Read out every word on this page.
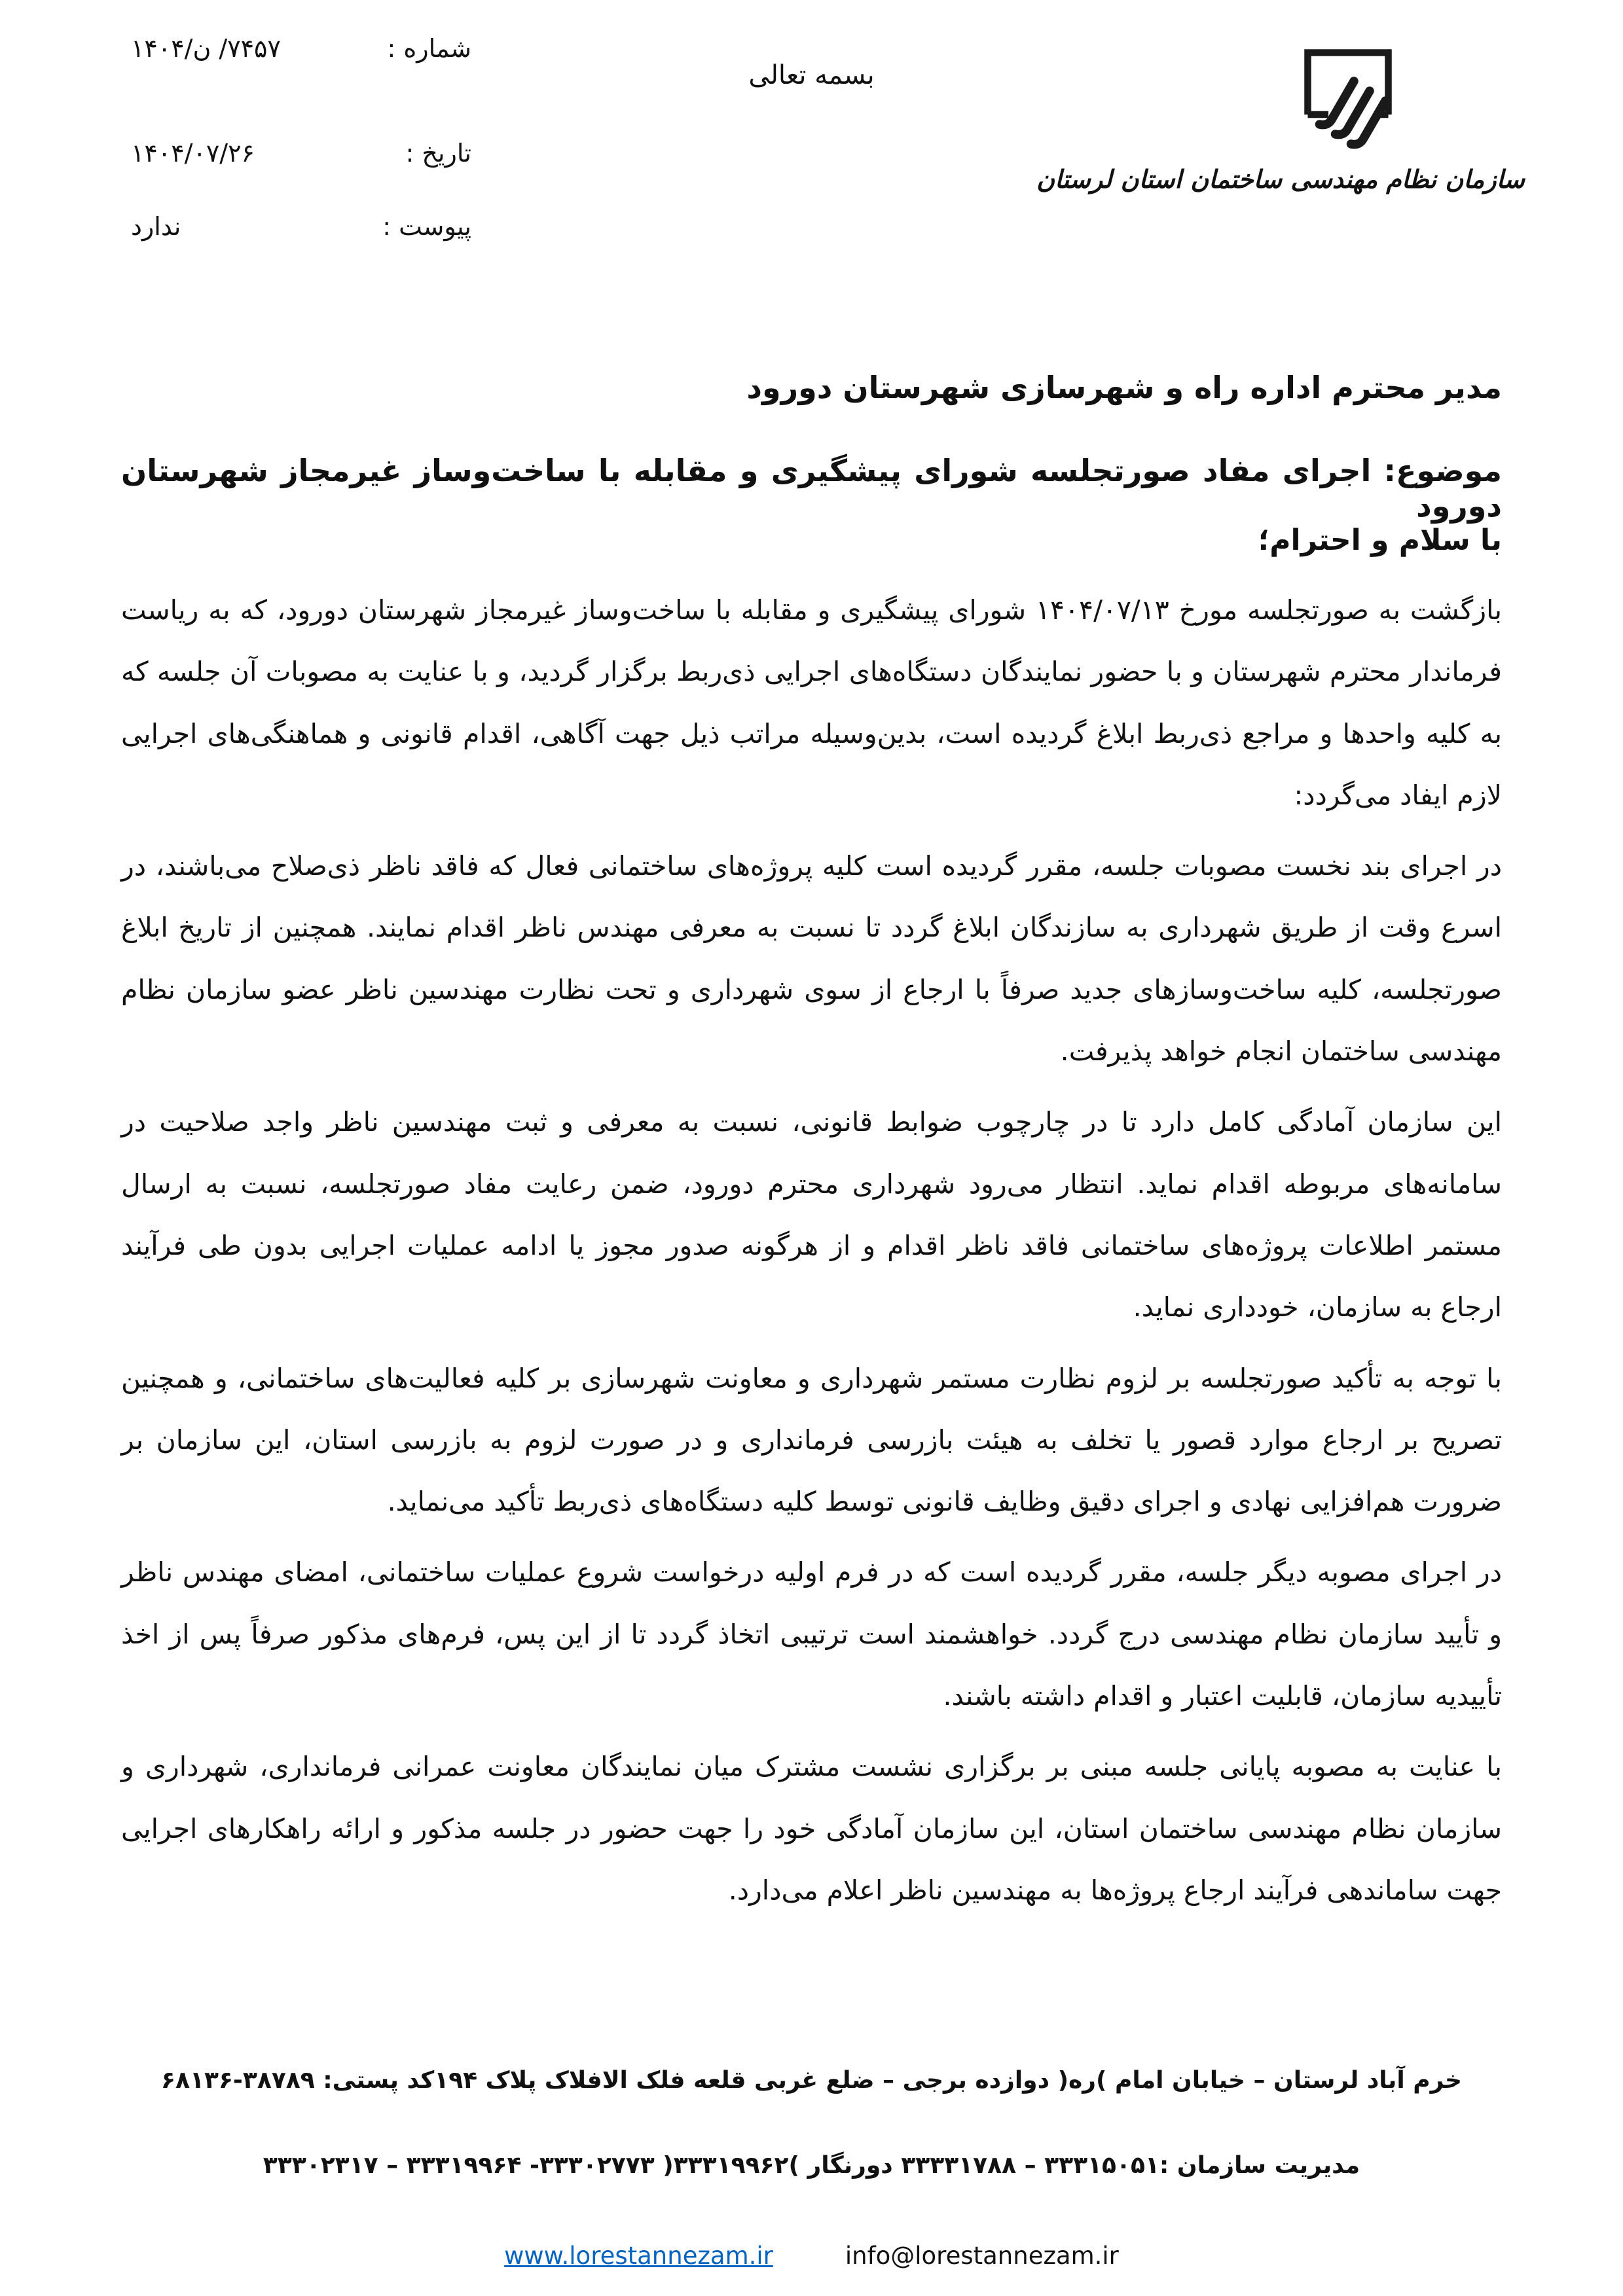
شماره :
۷۴۵۷/ ن/۱۴۰۴
تاریخ :
۱۴۰۴/۰۷/۲۶
پیوست :
ندارد
بسمه تعالی
سازمان نظام مهندسی ساختمان استان لرستان
مدیر محترم اداره راه و شهرسازی شهرستان دورود
موضوع: اجرای مفاد صورتجلسه شورای پیشگیری و مقابله با ساخت‌وساز غیرمجاز شهرستان دورود
با سلام و احترام؛

بازگشت به صورتجلسه مورخ ۱۴۰۴/۰۷/۱۳ شورای پیشگیری و مقابله با ساخت‌وساز غیرمجاز شهرستان دورود، که به ریاست فرماندار محترم شهرستان و با حضور نمایندگان دستگاه‌های اجرایی ذی‌ربط برگزار گردید، و با عنایت به مصوبات آن جلسه که به کلیه واحدها و مراجع ذی‌ربط ابلاغ گردیده است، بدین‌وسیله مراتب ذیل جهت آگاهی، اقدام قانونی و هماهنگی‌های اجرایی لازم ایفاد می‌گردد:

در اجرای بند نخست مصوبات جلسه، مقرر گردیده است کلیه پروژه‌های ساختمانی فعال که فاقد ناظر ذی‌صلاح می‌باشند، در اسرع وقت از طریق شهرداری به سازندگان ابلاغ گردد تا نسبت به معرفی مهندس ناظر اقدام نمایند. همچنین از تاریخ ابلاغ صورتجلسه، کلیه ساخت‌وسازهای جدید صرفاً با ارجاع از سوی شهرداری و تحت نظارت مهندسین ناظر عضو سازمان نظام مهندسی ساختمان انجام خواهد پذیرفت.

این سازمان آمادگی کامل دارد تا در چارچوب ضوابط قانونی، نسبت به معرفی و ثبت مهندسین ناظر واجد صلاحیت در سامانه‌های مربوطه اقدام نماید. انتظار می‌رود شهرداری محترم دورود، ضمن رعایت مفاد صورتجلسه، نسبت به ارسال مستمر اطلاعات پروژه‌های ساختمانی فاقد ناظر اقدام و از هرگونه صدور مجوز یا ادامه عملیات اجرایی بدون طی فرآیند ارجاع به سازمان، خودداری نماید.

با توجه به تأکید صورتجلسه بر لزوم نظارت مستمر شهرداری و معاونت شهرسازی بر کلیه فعالیت‌های ساختمانی، و همچنین تصریح بر ارجاع موارد قصور یا تخلف به هیئت بازرسی فرمانداری و در صورت لزوم به بازرسی استان، این سازمان بر ضرورت هم‌افزایی نهادی و اجرای دقیق وظایف قانونی توسط کلیه دستگاه‌های ذی‌ربط تأکید می‌نماید.

در اجرای مصوبه دیگر جلسه، مقرر گردیده است که در فرم اولیه درخواست شروع عملیات ساختمانی، امضای مهندس ناظر و تأیید سازمان نظام مهندسی درج گردد. خواهشمند است ترتیبی اتخاذ گردد تا از این پس، فرم‌های مذکور صرفاً پس از اخذ تأییدیه سازمان، قابلیت اعتبار و اقدام داشته باشند.

با عنایت به مصوبه پایانی جلسه مبنی بر برگزاری نشست مشترک میان نمایندگان معاونت عمرانی فرمانداری، شهرداری و سازمان نظام مهندسی ساختمان استان، این سازمان آمادگی خود را جهت حضور در جلسه مذکور و ارائه راهکارهای اجرایی جهت ساماندهی فرآیند ارجاع پروژه‌ها به مهندسین ناظر اعلام می‌دارد.

خرم آباد لرستان – خیابان امام )ره( دوازده برجی – ضلع غربی قلعه فلک الافلاک پلاک ۱۹۴کد پستی: ۳۸۷۸۹-۶۸۱۳۶
مدیریت سازمان :۳۳۳۱۵۰۵۱ – ۳۳۳۳۱۷۸۸ دورنگار )۳۳۳۱۹۹۶۲( ۳۳۳۰۲۷۷۳- ۳۳۳۱۹۹۶۴ – ۳۳۳۰۲۳۱۷
www.lorestannezam.ir	info@lorestannezam.ir
